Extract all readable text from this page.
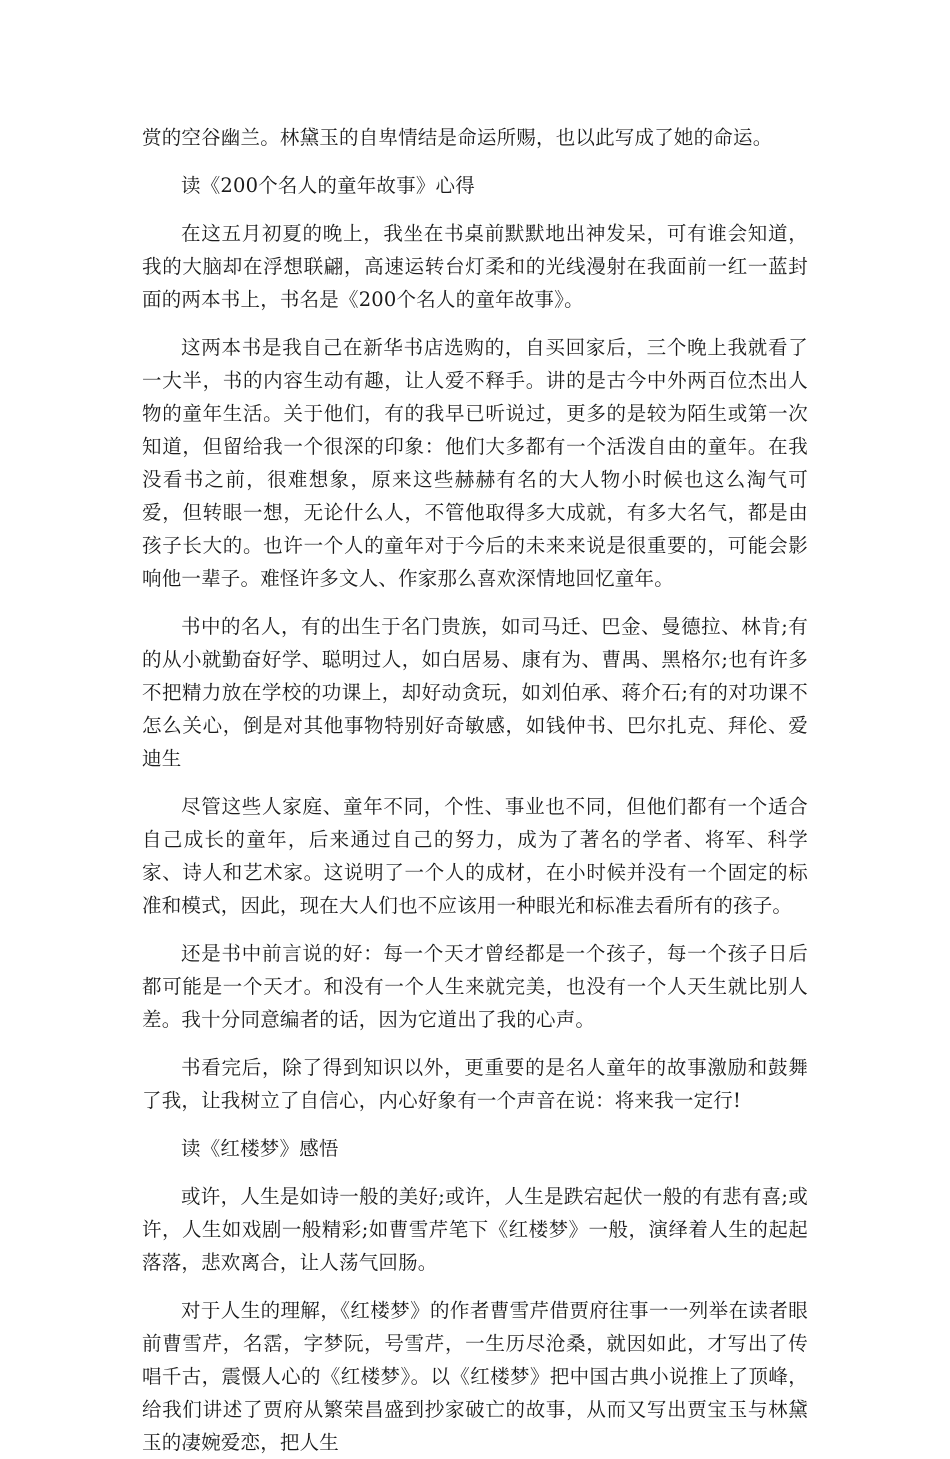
赏的空谷幽兰。林黛玉的自卑情结是命运所赐，也以此写成了她的命运。

读《200个名人的童年故事》心得

在这五月初夏的晚上，我坐在书桌前默默地出神发呆，可有谁会知道，我的大脑却在浮想联翩，高速运转台灯柔和的光线漫射在我面前一红一蓝封面的两本书上，书名是《200个名人的童年故事》。

这两本书是我自己在新华书店选购的，自买回家后，三个晚上我就看了一大半，书的内容生动有趣，让人爱不释手。讲的是古今中外两百位杰出人物的童年生活。关于他们，有的我早已听说过，更多的是较为陌生或第一次知道，但留给我一个很深的印象：他们大多都有一个活泼自由的童年。在我没看书之前，很难想象，原来这些赫赫有名的大人物小时候也这么淘气可爱，但转眼一想，无论什么人，不管他取得多大成就，有多大名气，都是由孩子长大的。也许一个人的童年对于今后的未来来说是很重要的，可能会影响他一辈子。难怪许多文人、作家那么喜欢深情地回忆童年。

书中的名人，有的出生于名门贵族，如司马迁、巴金、曼德拉、林肯;有的从小就勤奋好学、聪明过人，如白居易、康有为、曹禺、黑格尔;也有许多不把精力放在学校的功课上，却好动贪玩，如刘伯承、蒋介石;有的对功课不怎么关心，倒是对其他事物特别好奇敏感，如钱仲书、巴尔扎克、拜伦、爱迪生

尽管这些人家庭、童年不同，个性、事业也不同，但他们都有一个适合自己成长的童年，后来通过自己的努力，成为了著名的学者、将军、科学家、诗人和艺术家。这说明了一个人的成材，在小时候并没有一个固定的标准和模式，因此，现在大人们也不应该用一种眼光和标准去看所有的孩子。

还是书中前言说的好：每一个天才曾经都是一个孩子，每一个孩子日后都可能是一个天才。和没有一个人生来就完美，也没有一个人天生就比别人差。我十分同意编者的话，因为它道出了我的心声。

书看完后，除了得到知识以外，更重要的是名人童年的故事激励和鼓舞了我，让我树立了自信心，内心好象有一个声音在说：将来我一定行!

读《红楼梦》感悟

或许，人生是如诗一般的美好;或许，人生是跌宕起伏一般的有悲有喜;或许，人生如戏剧一般精彩;如曹雪芹笔下《红楼梦》一般，演绎着人生的起起落落，悲欢离合，让人荡气回肠。

对于人生的理解，《红楼梦》的作者曹雪芹借贾府往事一一列举在读者眼前曹雪芹，名霑，字梦阮，号雪芹，一生历尽沧桑，就因如此，才写出了传唱千古，震慑人心的《红楼梦》。以《红楼梦》把中国古典小说推上了顶峰，给我们讲述了贾府从繁荣昌盛到抄家破亡的故事，从而又写出贾宝玉与林黛玉的凄婉爱恋，把人生
